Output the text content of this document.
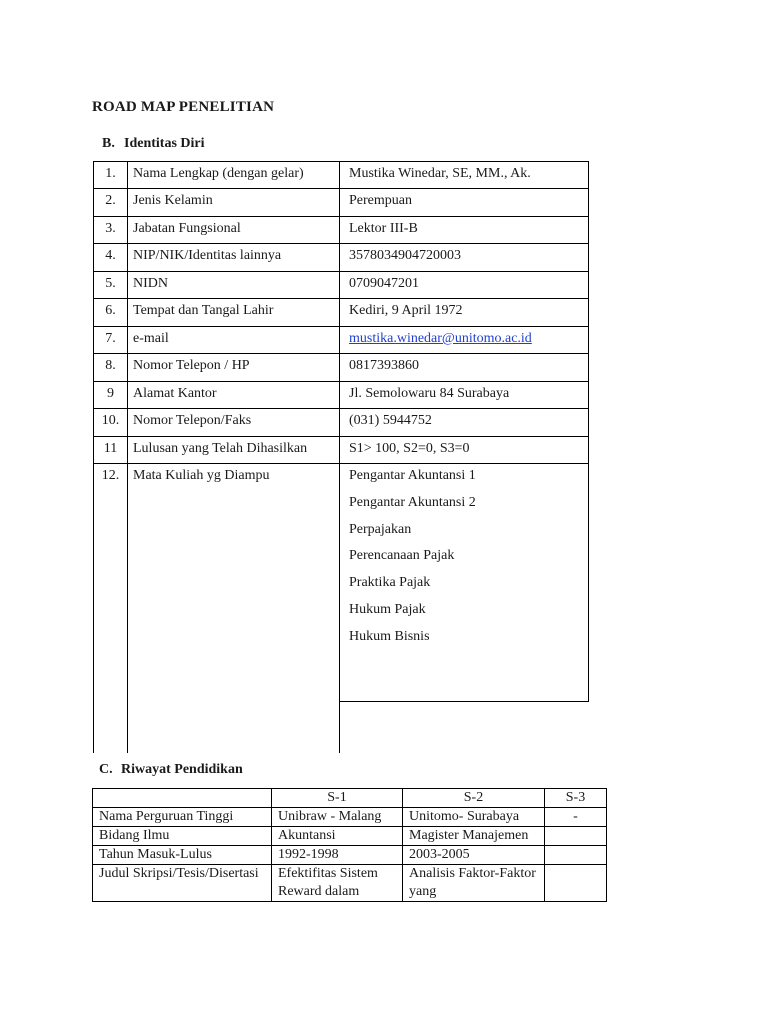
ROAD MAP PENELITIAN
B. Identitas Diri
1.	Nama Lengkap (dengan gelar)	Mustika Winedar, SE, MM., Ak.
2.	Jenis Kelamin	Perempuan
3.	Jabatan Fungsional	Lektor III-B
4.	NIP/NIK/Identitas lainnya	3578034904720003
5.	NIDN	0709047201
6.	Tempat dan Tangal Lahir	Kediri, 9 April 1972
7.	e-mail	mustika.winedar@unitomo.ac.id
8.	Nomor Telepon / HP	0817393860
9	Alamat Kantor	Jl. Semolowaru 84 Surabaya
10. Nomor Telepon/Faks	(031) 5944752
11	Lulusan yang Telah Dihasilkan	S1> 100, S2=0, S3=0
12. Mata Kuliah yg Diampu	Pengantar Akuntansi 1
Pengantar Akuntansi 2
Perpajakan
Perencanaan Pajak
Praktika Pajak
Hukum Pajak
Hukum Bisnis
C. Riwayat Pendidikan
	S-1	S-2	S-3
Nama Perguruan Tinggi	Unibraw - Malang	Unitomo- Surabaya	-
Bidang Ilmu	Akuntansi	Magister Manajemen	
Tahun Masuk-Lulus	1992-1998	2003-2005	
Judul Skripsi/Tesis/Disertasi	Efektifitas Sistem Reward dalam	Analisis Faktor-Faktor yang	
